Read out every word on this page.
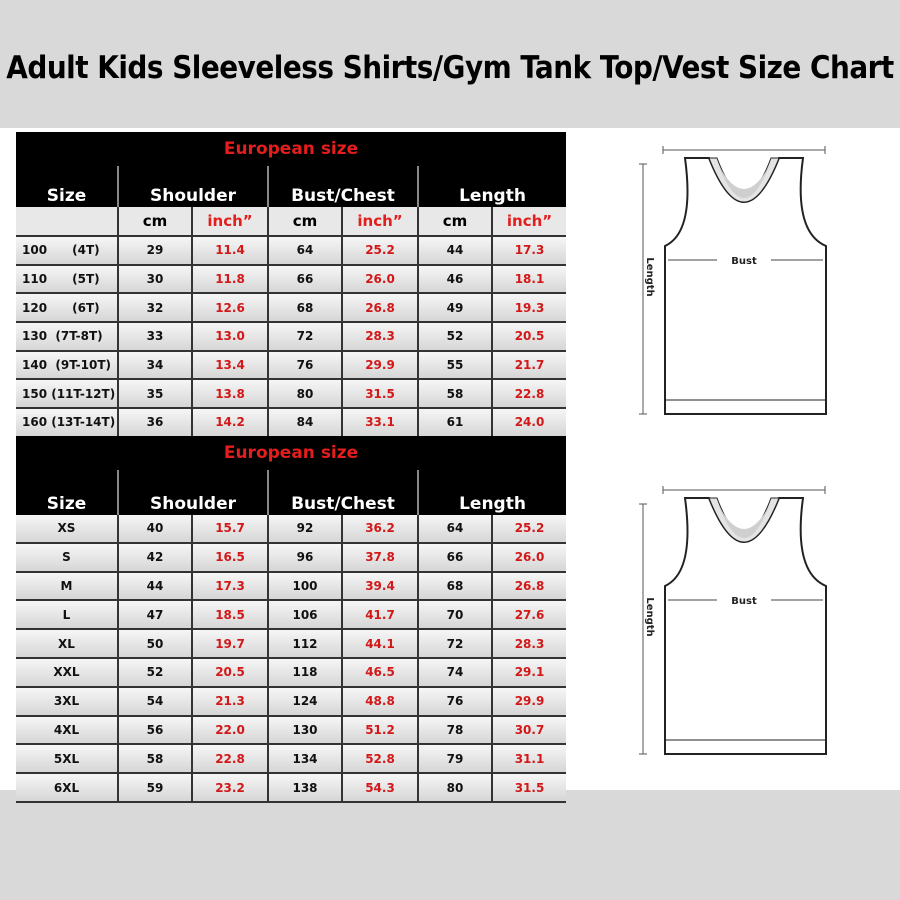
Adult Kids Sleeveless Shirts/Gym Tank Top/Vest Size Chart
European size						
Size	Shoulder		Bust/Chest		Length	
	cm	inch”	cm	inch”	cm	inch”
100      (4T)	29	11.4	64	25.2	44	17.3
110      (5T)	30	11.8	66	26.0	46	18.1
120      (6T)	32	12.6	68	26.8	49	19.3
130  (7T-8T)	33	13.0	72	28.3	52	20.5
140  (9T-10T)	34	13.4	76	29.9	55	21.7
150 (11T-12T)	35	13.8	80	31.5	58	22.8
160 (13T-14T)	36	14.2	84	33.1	61	24.0
European size						
Size	Shoulder		Bust/Chest		Length	
XS	40	15.7	92	36.2	64	25.2
S	42	16.5	96	37.8	66	26.0
M	44	17.3	100	39.4	68	26.8
L	47	18.5	106	41.7	70	27.6
XL	50	19.7	112	44.1	72	28.3
XXL	52	20.5	118	46.5	74	29.1
3XL	54	21.3	124	48.8	76	29.9
4XL	56	22.0	130	51.2	78	30.7
5XL	58	22.8	134	52.8	79	31.1
6XL	59	23.2	138	54.3	80	31.5
Bust
Length
Bust
Length
